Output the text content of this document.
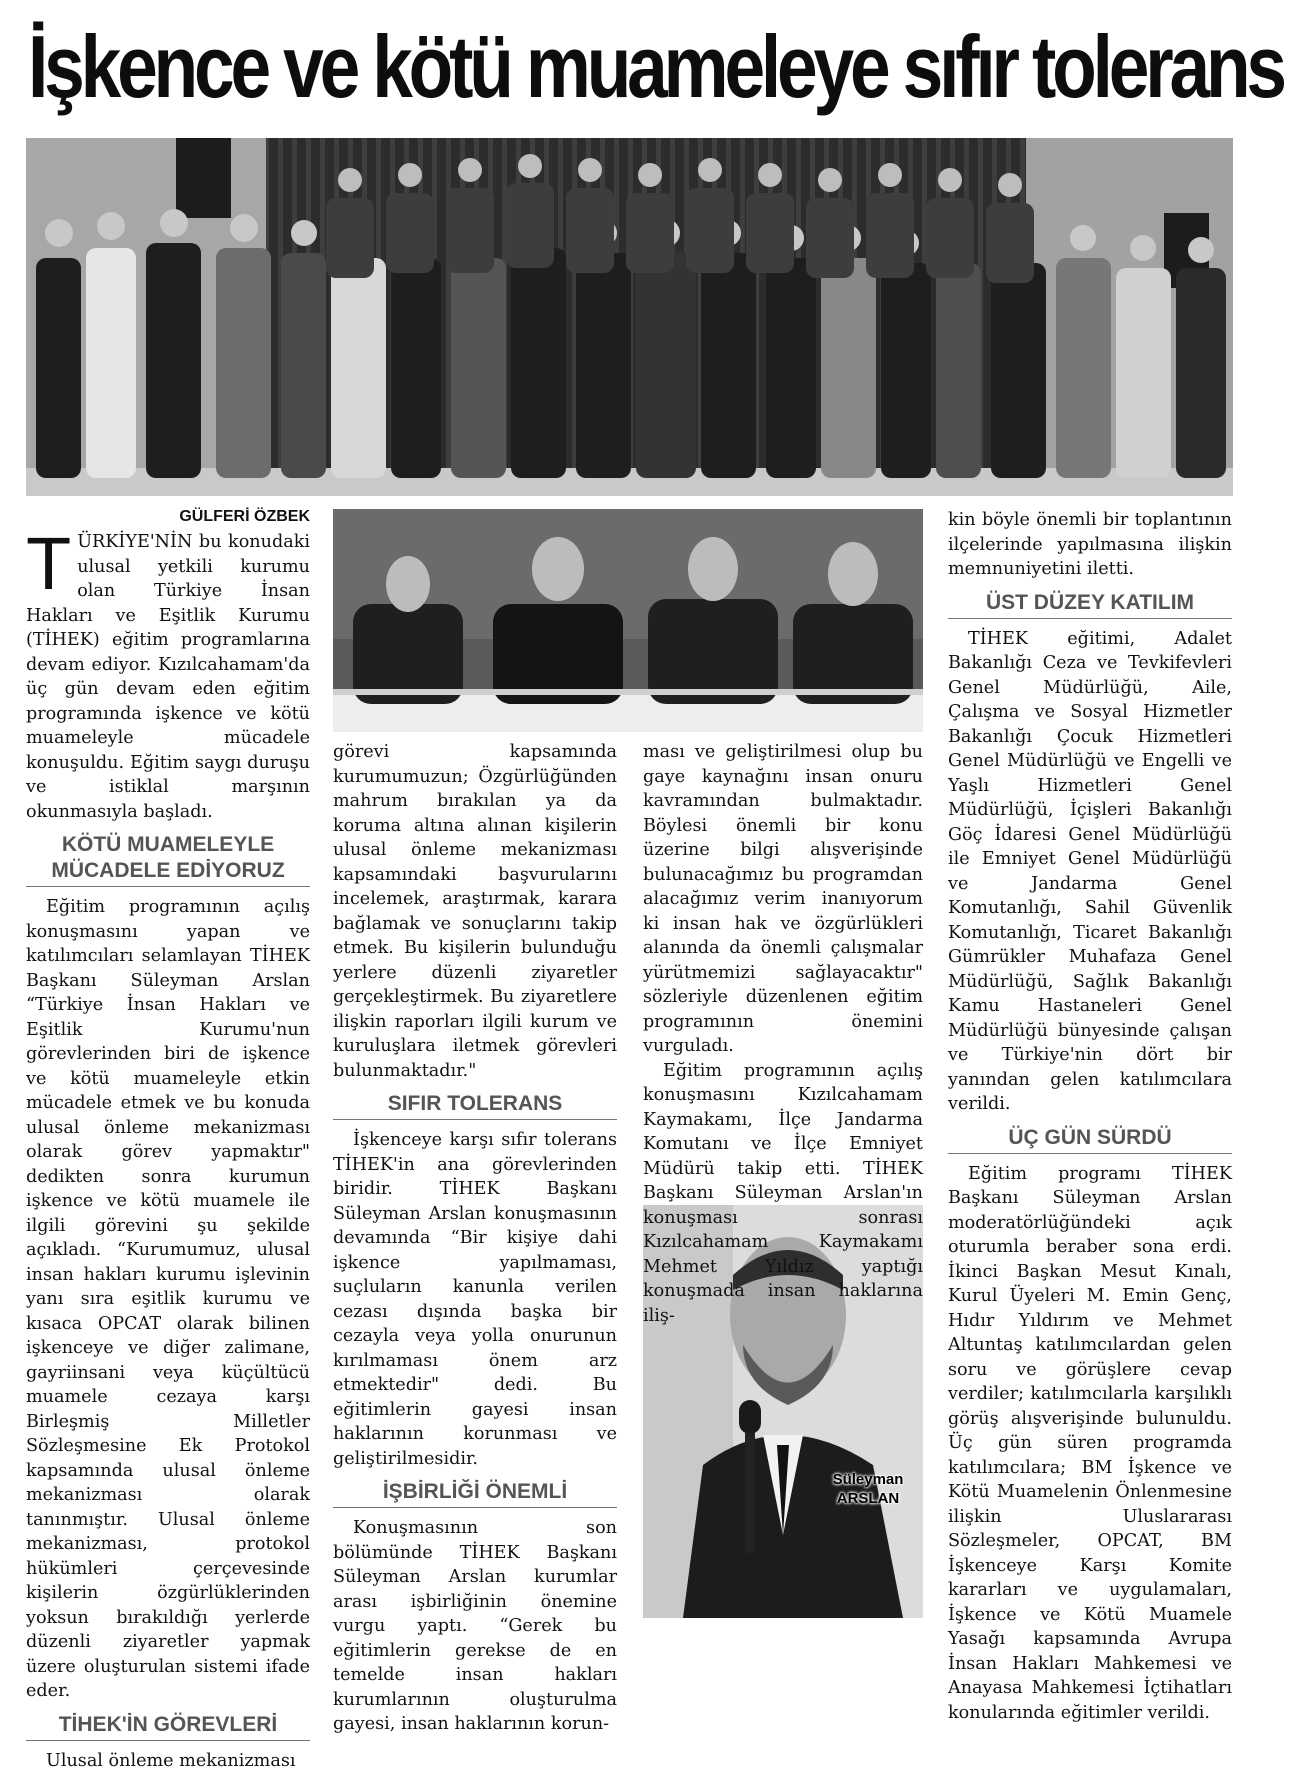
İşkence ve kötü muameleye sıfır tolerans
Süleyman
ARSLAN
GÜLFERİ ÖZBEK

TÜRKİYE'NİN bu konudaki ulusal yetkili kurumu olan Türkiye İnsan Hakları ve Eşitlik Kurumu (TİHEK) eğitim programlarına devam ediyor. Kızılcahamam'da üç gün devam eden eğitim programında işkence ve kötü muameleyle mücadele konuşuldu. Eğitim saygı duruşu ve istiklal marşının okunmasıyla başladı.

KÖTÜ MUAMELEYLE MÜCADELE EDİYORUZ

Eğitim programının açılış konuşmasını yapan ve katılımcıları selamlayan TİHEK Başkanı Süleyman Arslan “Türkiye İnsan Hakları ve Eşitlik Kurumu'nun görevlerinden biri de işkence ve kötü muameleyle etkin mücadele etmek ve bu konuda ulusal önleme mekanizması olarak görev yapmaktır" dedikten sonra kurumun işkence ve kötü muamele ile ilgili görevini şu şekilde açıkladı. “Kurumumuz, ulusal insan hakları kurumu işlevinin yanı sıra eşitlik kurumu ve kısaca OPCAT olarak bilinen işkenceye ve diğer zalimane, gayriinsani veya küçültücü muamele cezaya karşı Birleşmiş Milletler Sözleşmesine Ek Protokol kapsamında ulusal önleme mekanizması olarak tanınmıştır. Ulusal önleme mekanizması, protokol hükümleri çerçevesinde kişilerin özgürlüklerinden yoksun bırakıldığı yerlerde düzenli ziyaretler yapmak üzere oluşturulan sistemi ifade eder.

TİHEK'İN GÖREVLERİ

Ulusal önleme mekanizması

görevi kapsamında kurumumuzun; Özgürlüğünden mahrum bırakılan ya da koruma altına alınan kişilerin ulusal önleme mekanizması kapsamındaki başvurularını incelemek, araştırmak, karara bağlamak ve sonuçlarını takip etmek. Bu kişilerin bulunduğu yerlere düzenli ziyaretler gerçekleştirmek. Bu ziyaretlere ilişkin raporları ilgili kurum ve kuruluşlara iletmek görevleri bulunmaktadır."

SIFIR TOLERANS

İşkenceye karşı sıfır tolerans TİHEK'in ana görevlerinden biridir. TİHEK Başkanı Süleyman Arslan konuşmasının devamında “Bir kişiye dahi işkence yapılmaması, suçluların kanunla verilen cezası dışında başka bir cezayla veya yolla onurunun kırılmaması önem arz etmektedir" dedi. Bu eğitimlerin gayesi insan haklarının korunması ve geliştirilmesidir.

İŞBİRLİĞİ ÖNEMLİ

Konuşmasının son bölümünde TİHEK Başkanı Süleyman Arslan kurumlar arası işbirliğinin önemine vurgu yaptı. “Gerek bu eğitimlerin gerekse de en temelde insan hakları kurumlarının oluşturulma gayesi, insan haklarının korun-

ması ve geliştirilmesi olup bu gaye kaynağını insan onuru kavramından bulmaktadır. Böylesi önemli bir konu üzerine bilgi alışverişinde bulunacağımız bu programdan alacağımız verim inanıyorum ki insan hak ve özgürlükleri alanında da önemli çalışmalar yürütmemizi sağlayacaktır" sözleriyle düzenlenen eğitim programının önemini vurguladı.

Eğitim programının açılış konuşmasını Kızılcahamam Kaymakamı, İlçe Jandarma Komutanı ve İlçe Emniyet Müdürü takip etti. TİHEK Başkanı Süleyman Arslan'ın konuşması sonrası Kızılcahamam Kaymakamı Mehmet Yıldız yaptığı konuşmada insan haklarına iliş-

kin böyle önemli bir toplantının ilçelerinde yapılmasına ilişkin memnuniyetini iletti.

ÜST DÜZEY KATILIM

TİHEK eğitimi, Adalet Bakanlığı Ceza ve Tevkifevleri Genel Müdürlüğü, Aile, Çalışma ve Sosyal Hizmetler Bakanlığı Çocuk Hizmetleri Genel Müdürlüğü ve Engelli ve Yaşlı Hizmetleri Genel Müdürlüğü, İçişleri Bakanlığı Göç İdaresi Genel Müdürlüğü ile Emniyet Genel Müdürlüğü ve Jandarma Genel Komutanlığı, Sahil Güvenlik Komutanlığı, Ticaret Bakanlığı Gümrükler Muhafaza Genel Müdürlüğü, Sağlık Bakanlığı Kamu Hastaneleri Genel Müdürlüğü bünyesinde çalışan ve Türkiye'nin dört bir yanından gelen katılımcılara verildi.

ÜÇ GÜN SÜRDÜ

Eğitim programı TİHEK Başkanı Süleyman Arslan moderatörlüğündeki açık oturumla beraber sona erdi. İkinci Başkan Mesut Kınalı, Kurul Üyeleri M. Emin Genç, Hıdır Yıldırım ve Mehmet Altuntaş katılımcılardan gelen soru ve görüşlere cevap verdiler; katılımcılarla karşılıklı görüş alışverişinde bulunuldu. Üç gün süren programda katılımcılara; BM İşkence ve Kötü Muamelenin Önlenmesine ilişkin Uluslararası Sözleşmeler, OPCAT, BM İşkenceye Karşı Komite kararları ve uygulamaları, İşkence ve Kötü Muamele Yasağı kapsamında Avrupa İnsan Hakları Mahkemesi ve Anayasa Mahkemesi İçtihatları konularında eğitimler verildi.
